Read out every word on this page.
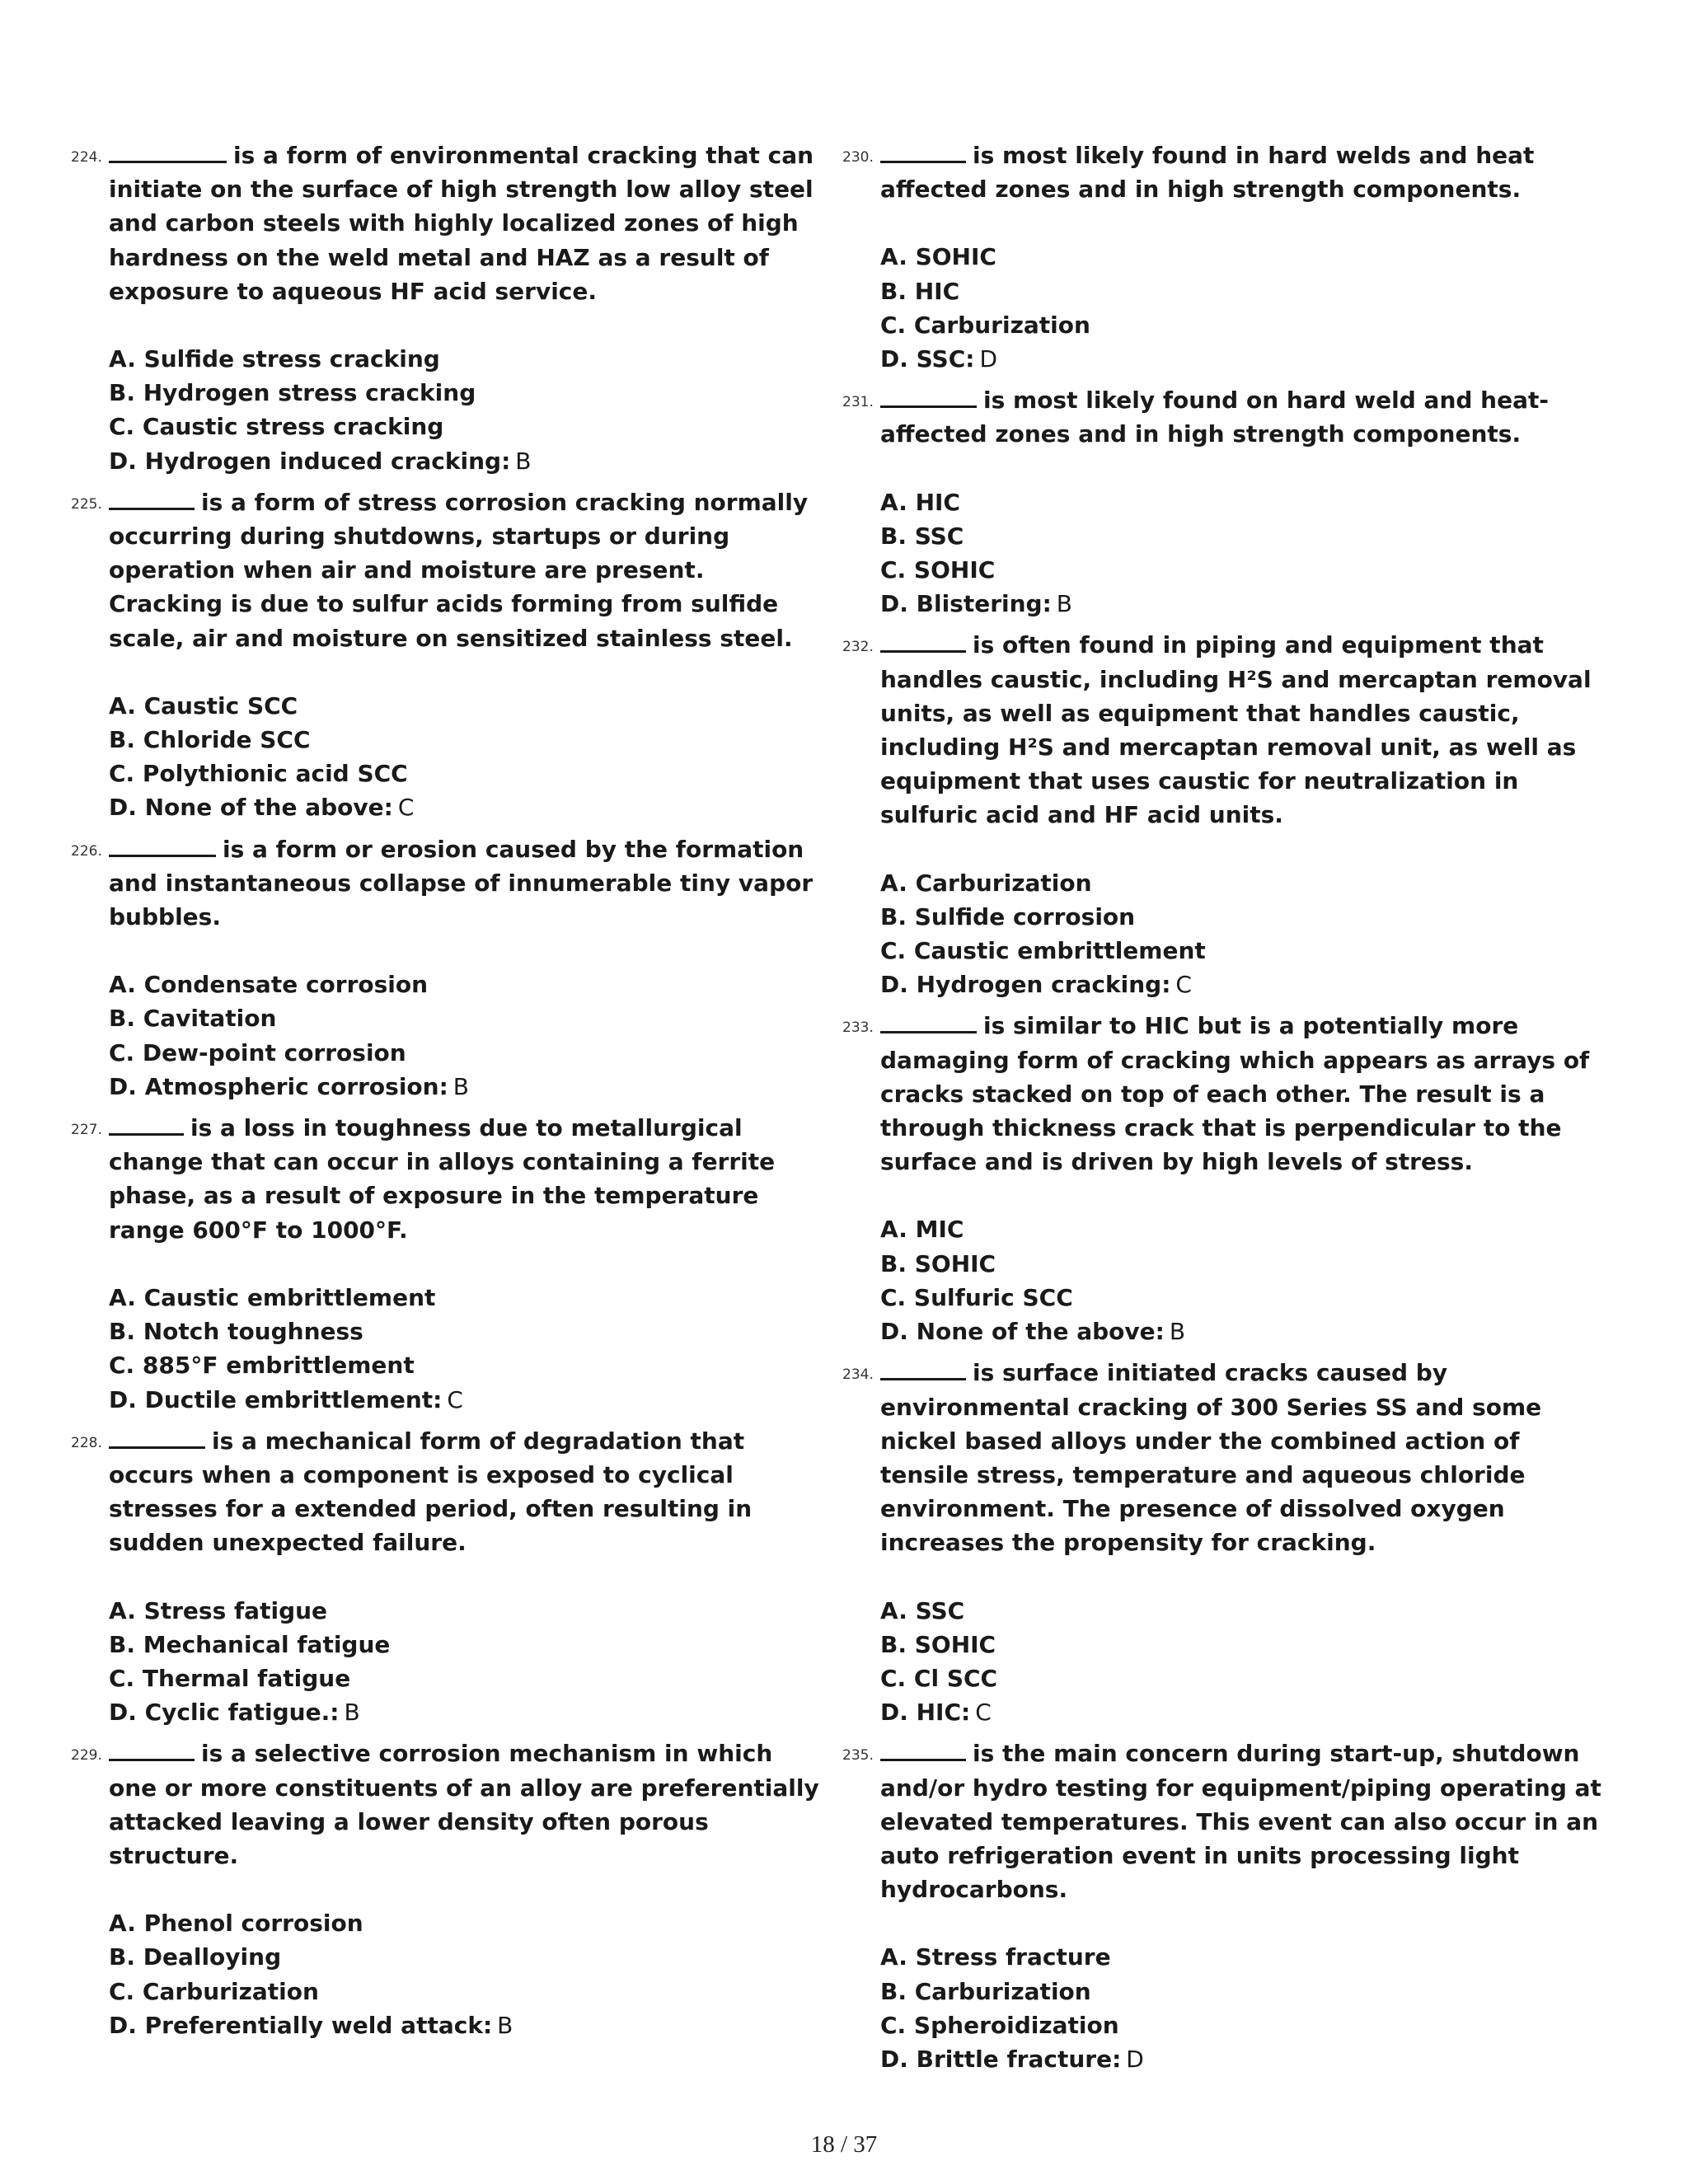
224.	is a form of environmental cracking that can initiate on the surface of high strength low alloy steel and carbon steels with highly localized zones of high hardness on the weld metal and HAZ as a result of exposure to aqueous HF acid service.
A. Sulfide stress cracking
B. Hydrogen stress cracking
C. Caustic stress cracking
D. Hydrogen induced cracking: B
225.	is a form of stress corrosion cracking normally occurring during shutdowns, startups or during operation when air and moisture are present. Cracking is due to sulfur acids forming from sulfide scale, air and moisture on sensitized stainless steel.
A. Caustic SCC
B. Chloride SCC
C. Polythionic acid SCC
D. None of the above: C
226.	is a form or erosion caused by the formation and instantaneous collapse of innumerable tiny vapor bubbles.
A. Condensate corrosion
B. Cavitation
C. Dew-point corrosion
D. Atmospheric corrosion: B
227.	is a loss in toughness due to metallurgical change that can occur in alloys containing a ferrite phase, as a result of exposure in the temperature range 600°F to 1000°F.
A. Caustic embrittlement
B. Notch toughness
C. 885°F embrittlement
D. Ductile embrittlement: C
228.	is a mechanical form of degradation that occurs when a component is exposed to cyclical stresses for a extended period, often resulting in sudden unexpected failure.
A. Stress fatigue
B. Mechanical fatigue
C. Thermal fatigue
D. Cyclic fatigue.: B
229.	is a selective corrosion mechanism in which one or more constituents of an alloy are preferentially attacked leaving a lower density often porous structure.
A. Phenol corrosion
B. Dealloying
C. Carburization
D. Preferentially weld attack: B
230.	is most likely found in hard welds and heat affected zones and in high strength components.
A. SOHIC
B. HIC
C. Carburization
D. SSC: D
231.	is most likely found on hard weld and heat-affected zones and in high strength components.
A. HIC
B. SSC
C. SOHIC
D. Blistering: B
232.	is often found in piping and equipment that handles caustic, including H²S and mercaptan removal units, as well as equipment that handles caustic, including H²S and mercaptan removal unit, as well as equipment that uses caustic for neutralization in sulfuric acid and HF acid units.
A. Carburization
B. Sulfide corrosion
C. Caustic embrittlement
D. Hydrogen cracking: C
233.	is similar to HIC but is a potentially more damaging form of cracking which appears as arrays of cracks stacked on top of each other. The result is a through thickness crack that is perpendicular to the surface and is driven by high levels of stress.
A. MIC
B. SOHIC
C. Sulfuric SCC
D. None of the above: B
234.	is surface initiated cracks caused by environmental cracking of 300 Series SS and some nickel based alloys under the combined action of tensile stress, temperature and aqueous chloride environment. The presence of dissolved oxygen increases the propensity for cracking.
A. SSC
B. SOHIC
C. Cl SCC
D. HIC: C
235.	is the main concern during start-up, shutdown and/or hydro testing for equipment/piping operating at elevated temperatures. This event can also occur in an auto refrigeration event in units processing light hydrocarbons.
A. Stress fracture
B. Carburization
C. Spheroidization
D. Brittle fracture: D
18 / 37
